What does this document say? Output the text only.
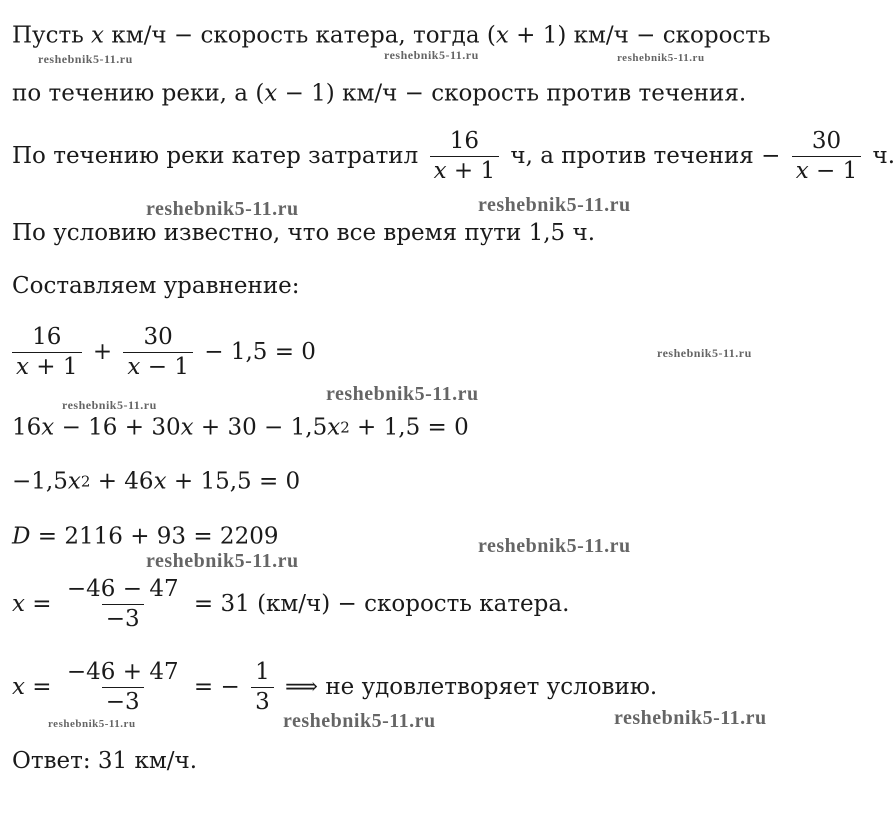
Пусть x км/ч − скорость катера, тогда (x + 1) км/ч − скорость
по течению реки, а (x − 1) км/ч − скорость против течения.
По течению реки катер затратил $\frac{16}{x + 1} ч$, а против течения − $\frac{30}{x - 1} ч$.
По условию известно, что все время пути 1,5 ч.
Составляем уравнение:
$\frac{16}{x + 1} + \frac{30}{x - 1} - 1,5 = 0$
16x − 16 + 30x + 30 − 1,5x2 + 1,5 = 0
−1,5x2 + 46x + 15,5 = 0
D = 2116 + 93 = 2209
$x = \frac{-46 - 47}{-3} = 31$ (км/ч) − скорость катера.
$x = \frac{-46 + 47}{-3}$ = − $\frac{1}{3}$ ⟹ не удовлетворяет условию.
Ответ: 31 км/ч.
reshebnik5-11.ru	reshebnik5-11.ru	reshebnik5-11.ru
reshebnik5-11.ru	reshebnik5-11.ru
reshebnik5-11.ru
reshebnik5-11.ru
reshebnik5-11.ru
reshebnik5-11.ru
reshebnik5-11.ru
reshebnik5-11.ru	reshebnik5-11.ru	reshebnik5-11.ru
